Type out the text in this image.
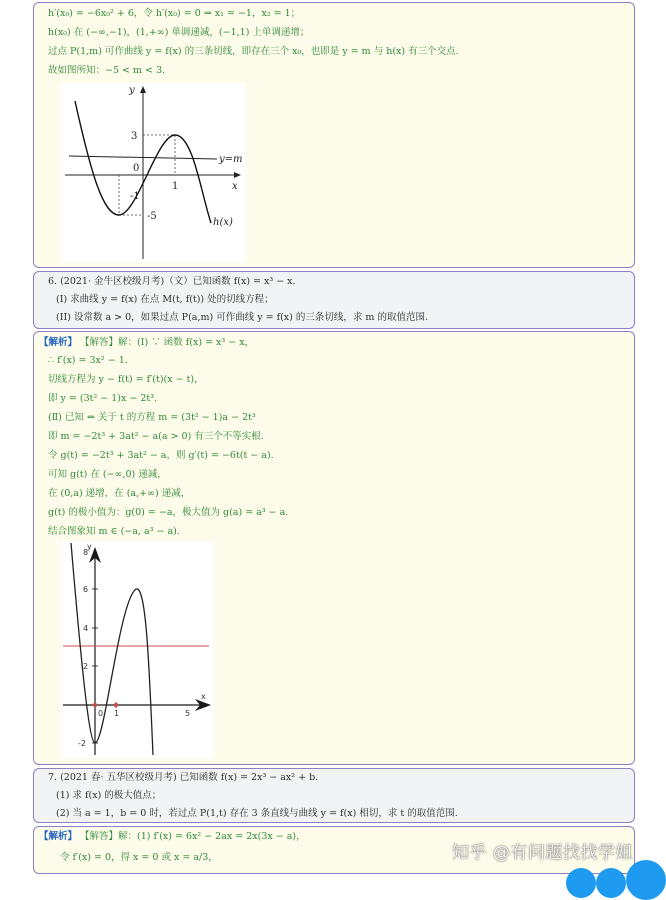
h′(x₀) = −6x₀² + 6，令 h′(x₀) = 0 ⇒ x₁ = −1，x₂ = 1；
h(x₀) 在 (−∞,−1)，(1,+∞) 单调递减，(−1,1) 上单调递增；
过点 P(1,m) 可作曲线 y = f(x) 的三条切线，即存在三个 x₀，也即是 y = m 与 h(x) 有三个交点.
故如图所知：−5 < m < 3.
y
x
3
-1
-5
1
0
y=m
h(x)
6. (2021· 金牛区校级月考)（文）已知函数 f(x) = x³ − x.
(I) 求曲线 y = f(x) 在点 M(t, f(t)) 处的切线方程；
(II) 设常数 a > 0，如果过点 P(a,m) 可作曲线 y = f(x) 的三条切线，求 m 的取值范围.
【解析】 【解答】解：(Ⅰ) ∵ 函数 f(x) = x³ − x，
∴ f′(x) = 3x² − 1.
切线方程为 y − f(t) = f′(t)(x − t)，
即 y = (3t² − 1)x − 2t³.
(Ⅱ) 已知 ⇔ 关于 t 的方程 m = (3t² − 1)a − 2t³
即 m = −2t³ + 3at² − a(a > 0) 有三个不等实根.
令 g(t) = −2t³ + 3at² − a，则 g′(t) = −6t(t − a).
可知 g(t) 在 (−∞,0) 递减，
在 (0,a) 递增，在 (a,+∞) 递减，
g(t) 的极小值为：g(0) = −a，极大值为 g(a) = a³ − a.
结合图象知 m ∈ (−a, a³ − a).
y
x
8
6
4
2
-2
0 1	5
7. (2021 春· 五华区校级月考) 已知函数 f(x) = 2x³ − ax² + b.
(1) 求 f(x) 的极大值点；
(2) 当 a = 1，b = 0 时，若过点 P(1,t) 存在 3 条直线与曲线 y = f(x) 相切，求 t 的取值范围.
【解析】 【解答】解：(1) f′(x) = 6x² − 2ax = 2x(3x − a)，
令 f′(x) = 0，得 x = 0 或 x = a/3，	知乎 @有问题找找学姐
